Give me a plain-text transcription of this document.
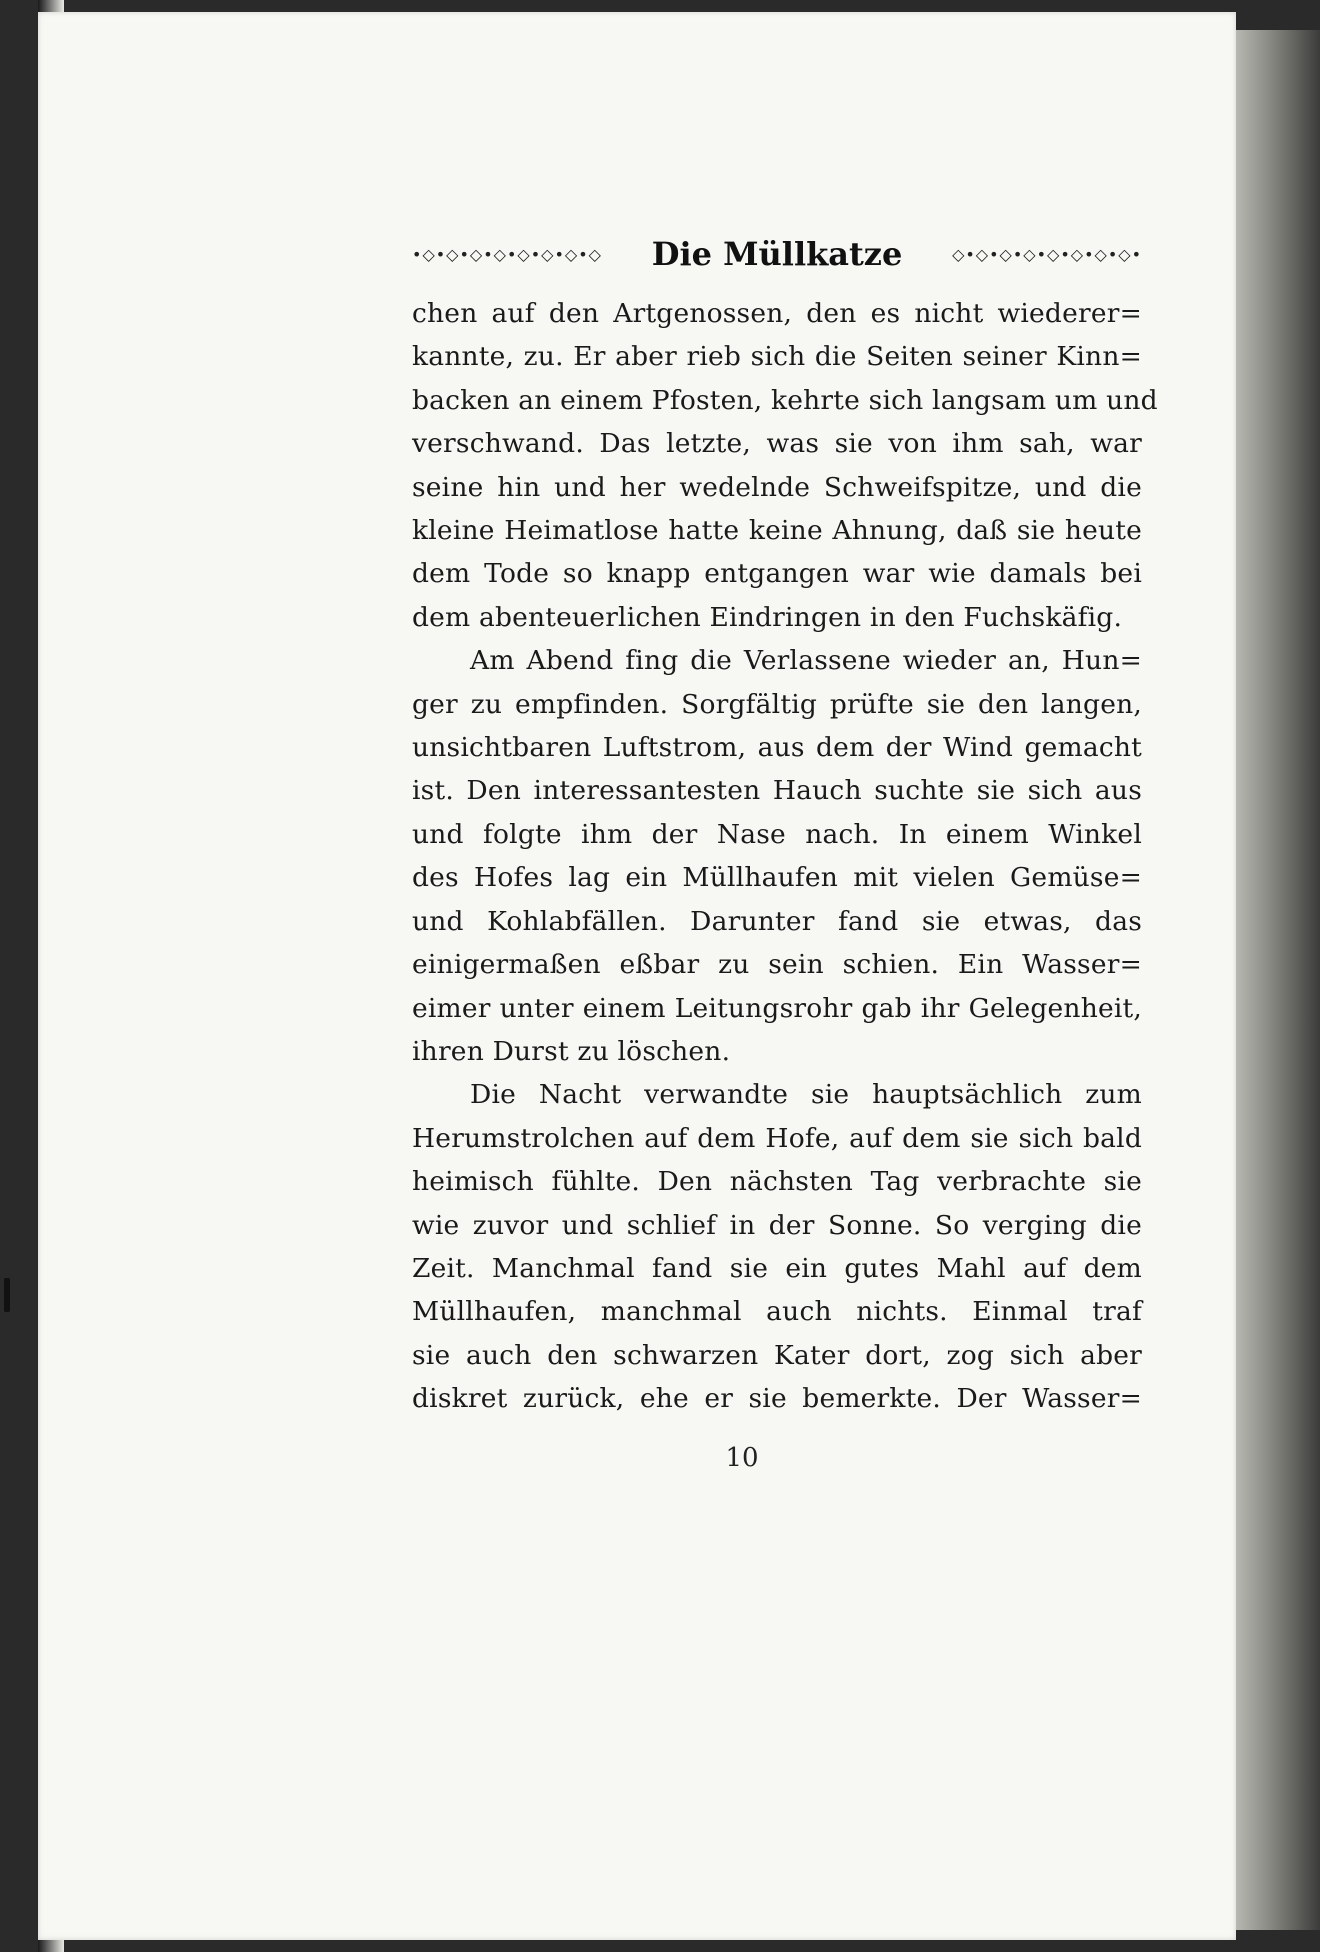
•◇•◇•◇•◇•◇•◇•◇•◇	Die Müllkatze	◇•◇•◇•◇•◇•◇•◇•◇•
chen auf den Artgenossen, den es nicht wiederer=
kannte, zu. Er aber rieb sich die Seiten seiner Kinn=
backen an einem Pfosten, kehrte sich langsam um und
verschwand. Das letzte, was sie von ihm sah, war
seine hin und her wedelnde Schweifspitze, und die
kleine Heimatlose hatte keine Ahnung, daß sie heute
dem Tode so knapp entgangen war wie damals bei
dem abenteuerlichen Eindringen in den Fuchskäfig.
Am Abend fing die Verlassene wieder an, Hun=
ger zu empfinden. Sorgfältig prüfte sie den langen,
unsichtbaren Luftstrom, aus dem der Wind gemacht
ist. Den interessantesten Hauch suchte sie sich aus
und folgte ihm der Nase nach. In einem Winkel
des Hofes lag ein Müllhaufen mit vielen Gemüse=
und Kohlabfällen. Darunter fand sie etwas, das
einigermaßen eßbar zu sein schien. Ein Wasser=
eimer unter einem Leitungsrohr gab ihr Gelegenheit,
ihren Durst zu löschen.
Die Nacht verwandte sie hauptsächlich zum
Herumstrolchen auf dem Hofe, auf dem sie sich bald
heimisch fühlte. Den nächsten Tag verbrachte sie
wie zuvor und schlief in der Sonne. So verging die
Zeit. Manchmal fand sie ein gutes Mahl auf dem
Müllhaufen, manchmal auch nichts. Einmal traf
sie auch den schwarzen Kater dort, zog sich aber
diskret zurück, ehe er sie bemerkte. Der Wasser=
10
